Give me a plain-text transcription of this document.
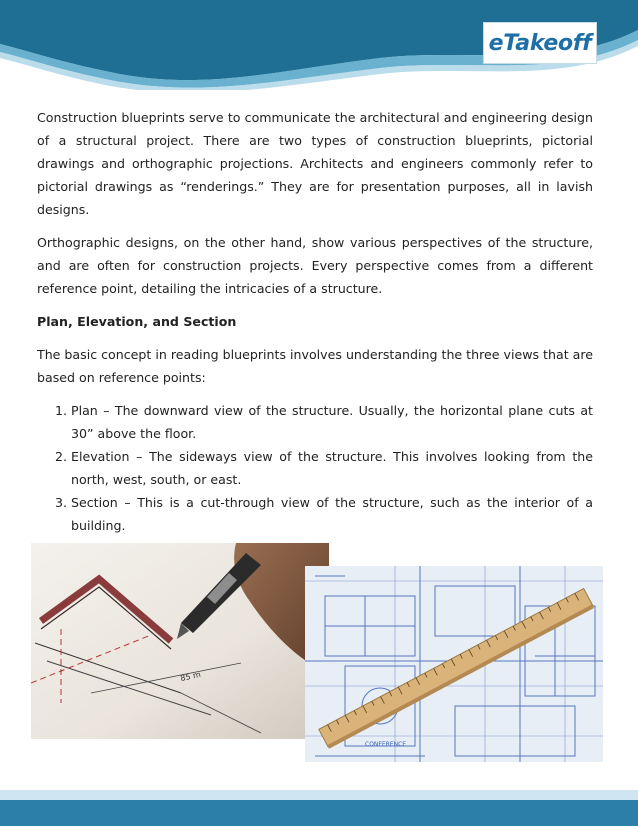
eTakeoff

Construction blueprints serve to communicate the architectural and engineering design of a structural project. There are two types of construction blueprints, pictorial drawings and orthographic projections. Architects and engineers commonly refer to pictorial drawings as “renderings.” They are for presentation purposes, all in lavish designs.

Orthographic designs, on the other hand, show various perspectives of the structure, and are often for construction projects. Every perspective comes from a different reference point, detailing the intricacies of a structure.

Plan, Elevation, and Section

The basic concept in reading blueprints involves understanding the three views that are based on reference points:

1. Plan – The downward view of the structure. Usually, the horizontal plane cuts at 30” above the floor.
2. Elevation – The sideways view of the structure. This involves looking from the north, west, south, or east.
3. Section – This is a cut-through view of the structure, such as the interior of a building.
85 m
CONFERENCE
